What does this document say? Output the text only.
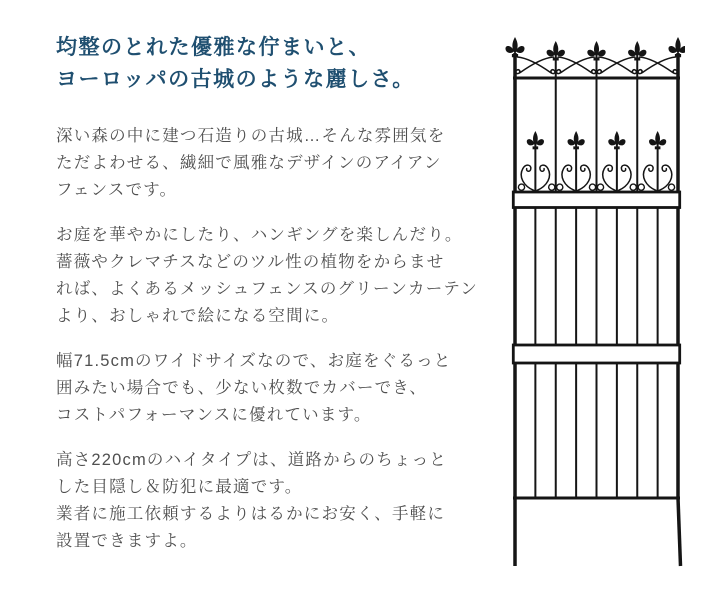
均整のとれた優雅な佇まいと、
ヨーロッパの古城のような麗しさ。

深い森の中に建つ石造りの古城…そんな雰囲気を
ただよわせる、繊細で風雅なデザインのアイアン
フェンスです。

お庭を華やかにしたり、ハンギングを楽しんだり。
薔薇やクレマチスなどのツル性の植物をからませ
れば、よくあるメッシュフェンスのグリーンカーテン
より、おしゃれで絵になる空間に。

幅71.5cmのワイドサイズなので、お庭をぐるっと
囲みたい場合でも、少ない枚数でカバーでき、
コストパフォーマンスに優れています。

高さ220cmのハイタイプは、道路からのちょっと
した目隠し＆防犯に最適です。
業者に施工依頼するよりはるかにお安く、手軽に
設置できますよ。
